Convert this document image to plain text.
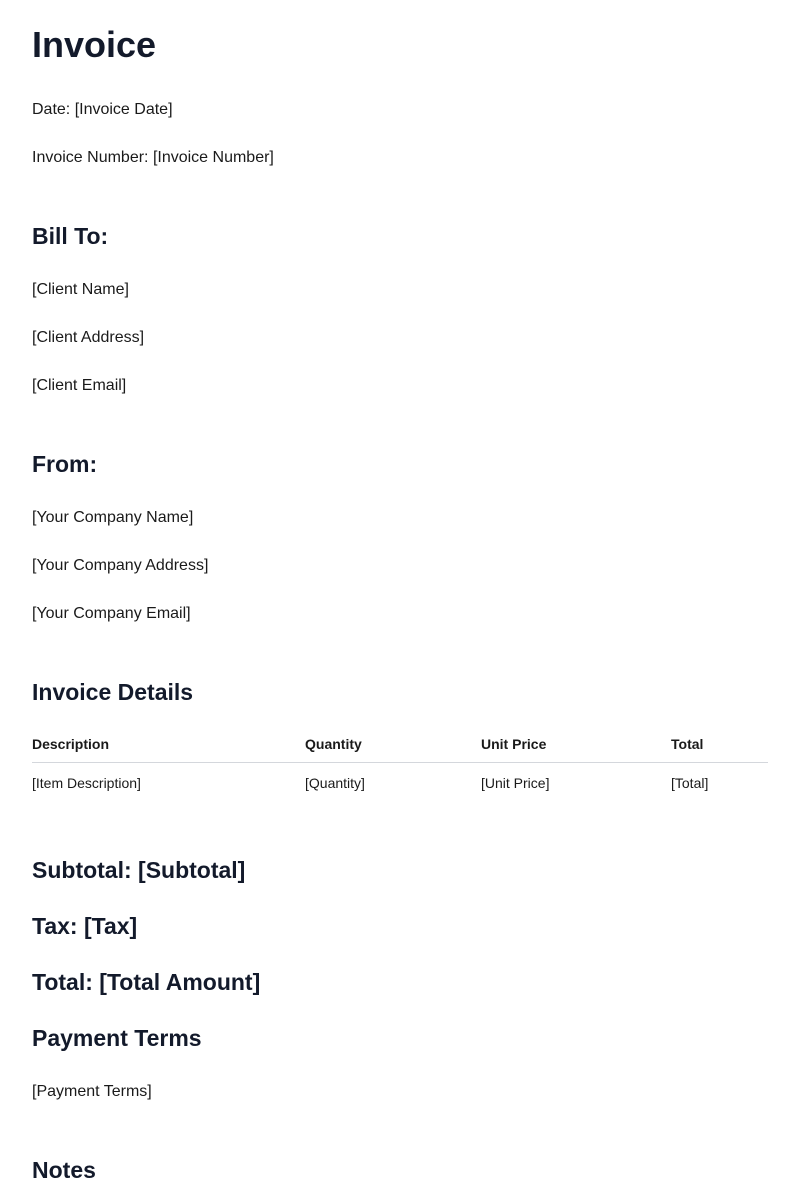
Invoice

Date: [Invoice Date]

Invoice Number: [Invoice Number]

Bill To:

[Client Name]

[Client Address]

[Client Email]

From:

[Your Company Name]

[Your Company Address]

[Your Company Email]

Invoice Details
Description	Quantity	Unit Price	Total
[Item Description]	[Quantity]	[Unit Price]	[Total]

Subtotal: [Subtotal]

Tax: [Tax]

Total: [Total Amount]

Payment Terms

[Payment Terms]

Notes
